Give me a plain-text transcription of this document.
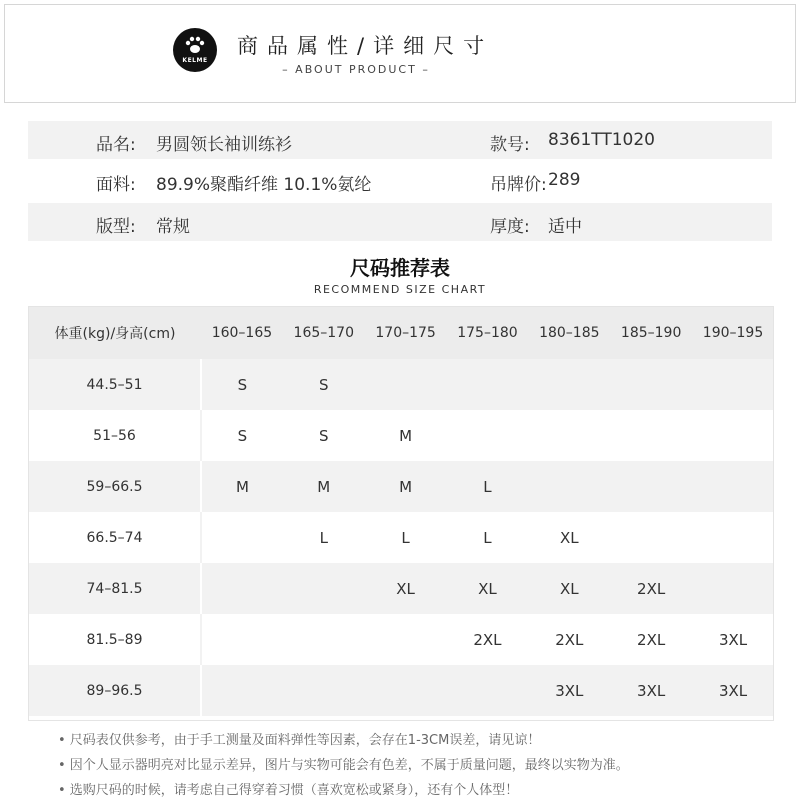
KELME
商品属性/详细尺寸
– ABOUT PRODUCT –
品名: 男圆领长袖训练衫	款号: 8361TT1020
面料: 89.9%聚酯纤维 10.1%氨纶	吊牌价: 289
版型: 常规	厚度: 适中
尺码推荐表
RECOMMEND SIZE CHART
体重(kg)/身高(cm)	160–165	165–170	170–175	175–180	180–185	185–190	190–195
44.5–51	S	S					
51–56	S	S	M				
59–66.5	M	M	M	L			
66.5–74		L	L	L	XL		
74–81.5			XL	XL	XL	2XL	
81.5–89				2XL	2XL	2XL	3XL
89–96.5					3XL	3XL	3XL
• 尺码表仅供参考，由于手工测量及面料弹性等因素，会存在1-3CM误差，请见谅！
• 因个人显示器明亮对比显示差异，图片与实物可能会有色差，不属于质量问题，最终以实物为准。
• 选购尺码的时候，请考虑自己得穿着习惯（喜欢宽松或紧身），还有个人体型！
